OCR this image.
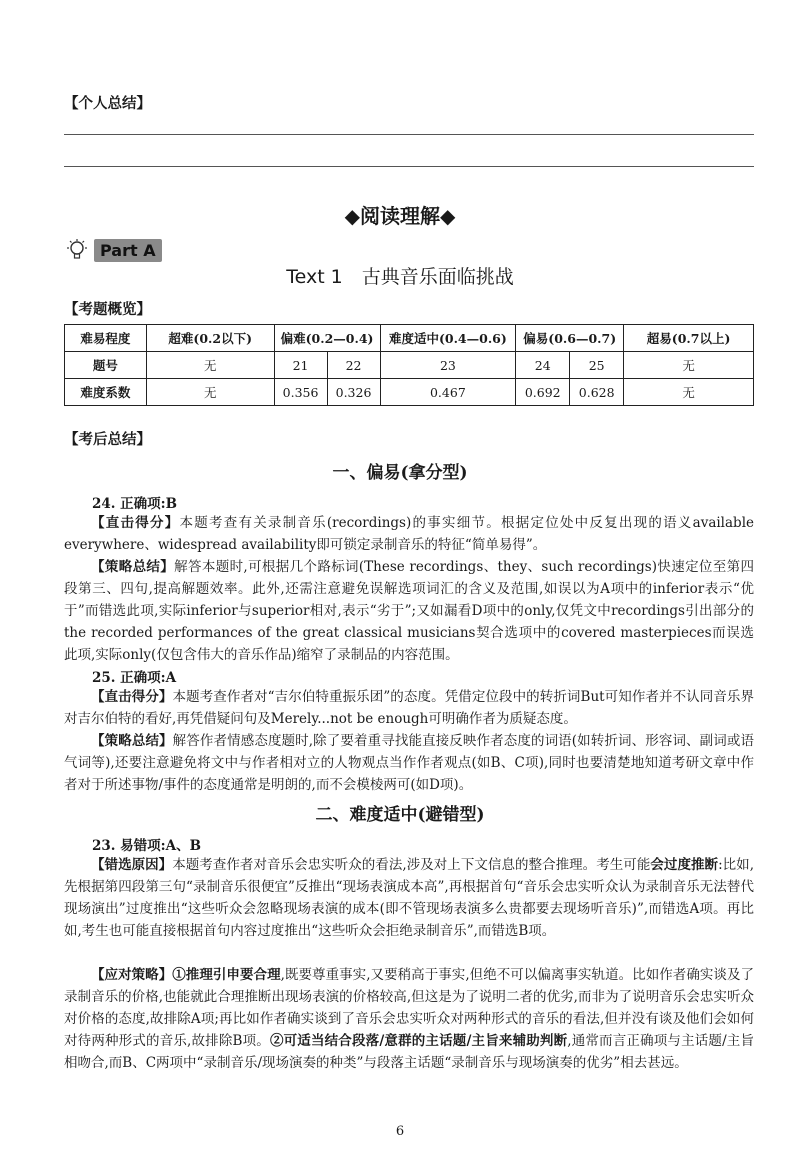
【个人总结】
◆阅读理解◆
Part A
Text 1　古典音乐面临挑战
【考题概览】
难易程度	超难(0.2以下)	偏难(0.2—0.4)		难度适中(0.4—0.6)	偏易(0.6—0.7)		超易(0.7以上)
题号	无	21	22	23	24	25	无
难度系数	无	0.356	0.326	0.467	0.692	0.628	无
【考后总结】
一、偏易(拿分型)
24. 正确项:B
【直击得分】本题考查有关录制音乐(recordings)的事实细节。根据定位处中反复出现的语义available everywhere、widespread availability即可锁定录制音乐的特征“简单易得”。
【策略总结】解答本题时,可根据几个路标词(These recordings、they、such recordings)快速定位至第四段第三、四句,提高解题效率。此外,还需注意避免误解选项词汇的含义及范围,如误以为A项中的inferior表示“优于”而错选此项,实际inferior与superior相对,表示“劣于”;又如漏看D项中的only,仅凭文中recordings引出部分的the recorded performances of the great classical musicians契合选项中的covered masterpieces而误选此项,实际only(仅包含伟大的音乐作品)缩窄了录制品的内容范围。
25. 正确项:A
【直击得分】本题考查作者对“吉尔伯特重振乐团”的态度。凭借定位段中的转折词But可知作者并不认同音乐界对吉尔伯特的看好,再凭借疑问句及Merely...not be enough可明确作者为质疑态度。
【策略总结】解答作者情感态度题时,除了要着重寻找能直接反映作者态度的词语(如转折词、形容词、副词或语气词等),还要注意避免将文中与作者相对立的人物观点当作作者观点(如B、C项),同时也要清楚地知道考研文章中作者对于所述事物/事件的态度通常是明朗的,而不会模棱两可(如D项)。
二、难度适中(避错型)
23. 易错项:A、B
【错选原因】本题考查作者对音乐会忠实听众的看法,涉及对上下文信息的整合推理。考生可能会过度推断:比如,先根据第四段第三句“录制音乐很便宜”反推出“现场表演成本高”,再根据首句“音乐会忠实听众认为录制音乐无法替代现场演出”过度推出“这些听众会忽略现场表演的成本(即不管现场表演多么贵都要去现场听音乐)”,而错选A项。再比如,考生也可能直接根据首句内容过度推出“这些听众会拒绝录制音乐”,而错选B项。
【应对策略】①推理引申要合理,既要尊重事实,又要稍高于事实,但绝不可以偏离事实轨道。比如作者确实谈及了录制音乐的价格,也能就此合理推断出现场表演的价格较高,但这是为了说明二者的优劣,而非为了说明音乐会忠实听众对价格的态度,故排除A项;再比如作者确实谈到了音乐会忠实听众对两种形式的音乐的看法,但并没有谈及他们会如何对待两种形式的音乐,故排除B项。②可适当结合段落/意群的主话题/主旨来辅助判断,通常而言正确项与主话题/主旨相吻合,而B、C两项中“录制音乐/现场演奏的种类”与段落主话题“录制音乐与现场演奏的优劣”相去甚远。
6
